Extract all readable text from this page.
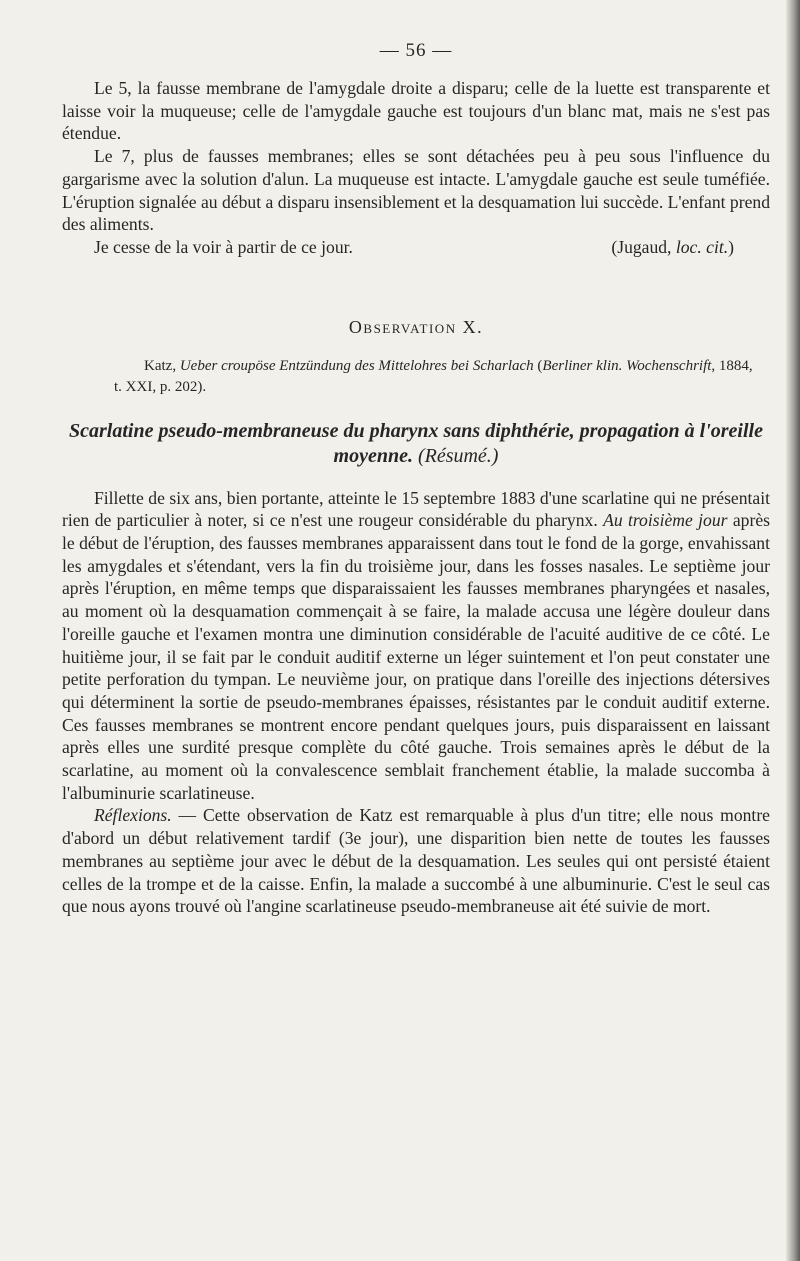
— 56 —

Le 5, la fausse membrane de l'amygdale droite a disparu; celle de la luette est transparente et laisse voir la muqueuse; celle de l'amygdale gauche est toujours d'un blanc mat, mais ne s'est pas étendue.

Le 7, plus de fausses membranes; elles se sont détachées peu à peu sous l'influence du gargarisme avec la solution d'alun. La muqueuse est intacte. L'amygdale gauche est seule tuméfiée. L'éruption signalée au début a disparu insensiblement et la desquamation lui succède. L'enfant prend des aliments.

Je cesse de la voir à partir de ce jour.	(Jugaud, loc. cit.)

Observation X.

Katz, Ueber croupöse Entzündung des Mittelohres bei Scharlach (Berliner klin. Wochenschrift, 1884, t. XXI, p. 202).

Scarlatine pseudo-membraneuse du pharynx sans diphthérie, propagation à l'oreille moyenne. (Résumé.)

Fillette de six ans, bien portante, atteinte le 15 septembre 1883 d'une scarlatine qui ne présentait rien de particulier à noter, si ce n'est une rougeur considérable du pharynx. Au troisième jour après le début de l'éruption, des fausses membranes apparaissent dans tout le fond de la gorge, envahissant les amygdales et s'étendant, vers la fin du troisième jour, dans les fosses nasales. Le septième jour après l'éruption, en même temps que disparaissaient les fausses membranes pharyngées et nasales, au moment où la desquamation commençait à se faire, la malade accusa une légère douleur dans l'oreille gauche et l'examen montra une diminution considérable de l'acuité auditive de ce côté. Le huitième jour, il se fait par le conduit auditif externe un léger suintement et l'on peut constater une petite perforation du tympan. Le neuvième jour, on pratique dans l'oreille des injections détersives qui déterminent la sortie de pseudo-membranes épaisses, résistantes par le conduit auditif externe. Ces fausses membranes se montrent encore pendant quelques jours, puis disparaissent en laissant après elles une surdité presque complète du côté gauche. Trois semaines après le début de la scarlatine, au moment où la convalescence semblait franchement établie, la malade succomba à l'albuminurie scarlatineuse.

Réflexions. — Cette observation de Katz est remarquable à plus d'un titre; elle nous montre d'abord un début relativement tardif (3e jour), une disparition bien nette de toutes les fausses membranes au septième jour avec le début de la desquamation. Les seules qui ont persisté étaient celles de la trompe et de la caisse. Enfin, la malade a succombé à une albuminurie. C'est le seul cas que nous ayons trouvé où l'angine scarlatineuse pseudo-membraneuse ait été suivie de mort.
